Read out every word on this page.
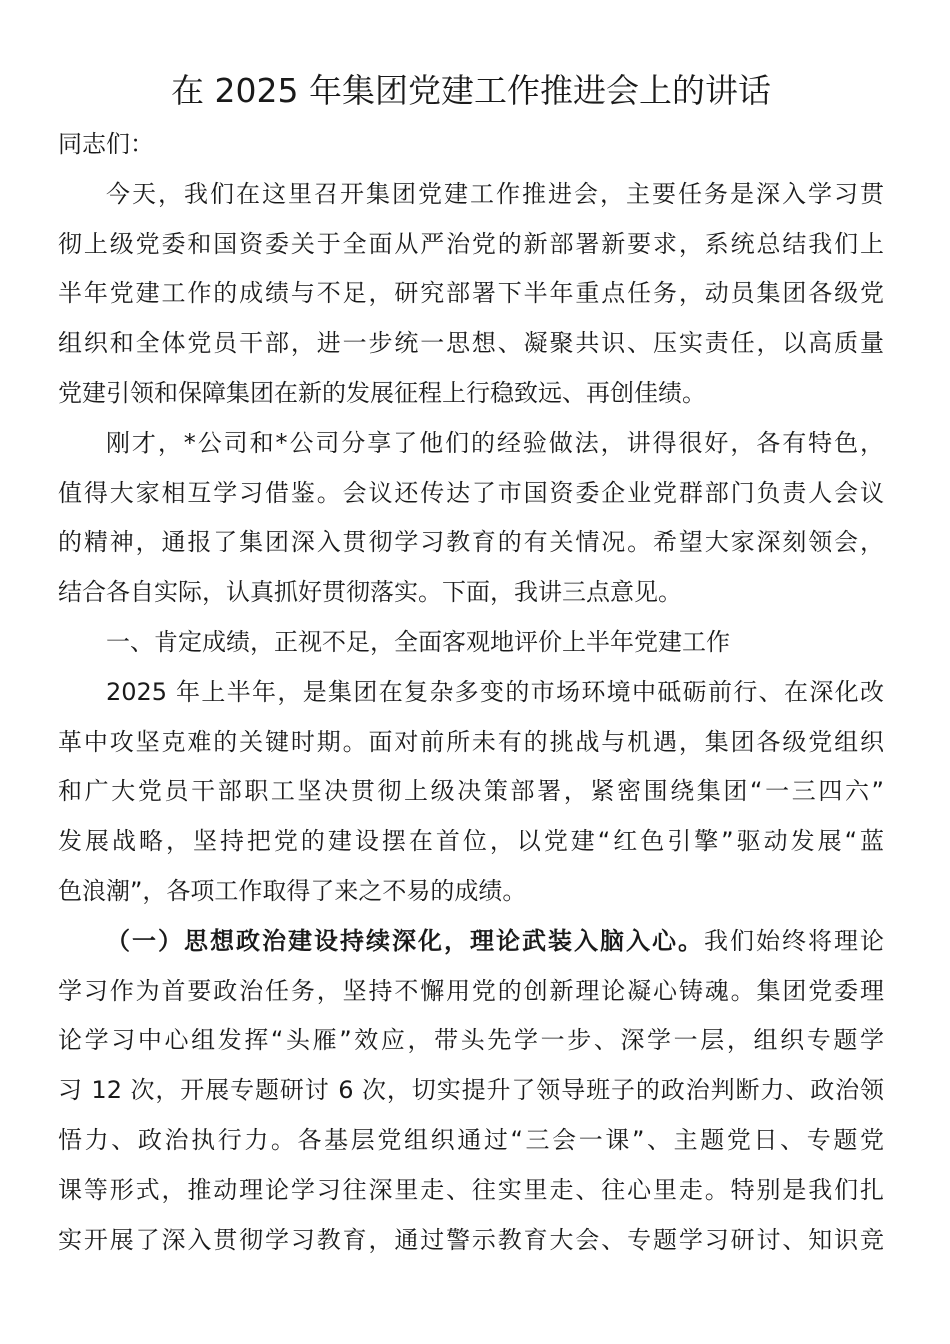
在 2025 年集团党建工作推进会上的讲话
同志们：
今天，我们在这里召开集团党建工作推进会，主要任务是深入学习贯
彻上级党委和国资委关于全面从严治党的新部署新要求，系统总结我们上
半年党建工作的成绩与不足，研究部署下半年重点任务，动员集团各级党
组织和全体党员干部，进一步统一思想、凝聚共识、压实责任，以高质量
党建引领和保障集团在新的发展征程上行稳致远、再创佳绩。
刚才，*公司和*公司分享了他们的经验做法，讲得很好，各有特色，
值得大家相互学习借鉴。会议还传达了市国资委企业党群部门负责人会议
的精神，通报了集团深入贯彻学习教育的有关情况。希望大家深刻领会，
结合各自实际，认真抓好贯彻落实。下面，我讲三点意见。
一、肯定成绩，正视不足，全面客观地评价上半年党建工作
2025 年上半年，是集团在复杂多变的市场环境中砥砺前行、在深化改
革中攻坚克难的关键时期。面对前所未有的挑战与机遇，集团各级党组织
和广大党员干部职工坚决贯彻上级决策部署，紧密围绕集团“一三四六”
发展战略，坚持把党的建设摆在首位，以党建“红色引擎”驱动发展“蓝
色浪潮”，各项工作取得了来之不易的成绩。
（一）思想政治建设持续深化，理论武装入脑入心。我们始终将理论
学习作为首要政治任务，坚持不懈用党的创新理论凝心铸魂。集团党委理
论学习中心组发挥“头雁”效应，带头先学一步、深学一层，组织专题学
习 12 次，开展专题研讨 6 次，切实提升了领导班子的政治判断力、政治领
悟力、政治执行力。各基层党组织通过“三会一课”、主题党日、专题党
课等形式，推动理论学习往深里走、往实里走、往心里走。特别是我们扎
实开展了深入贯彻学习教育，通过警示教育大会、专题学习研讨、知识竞
